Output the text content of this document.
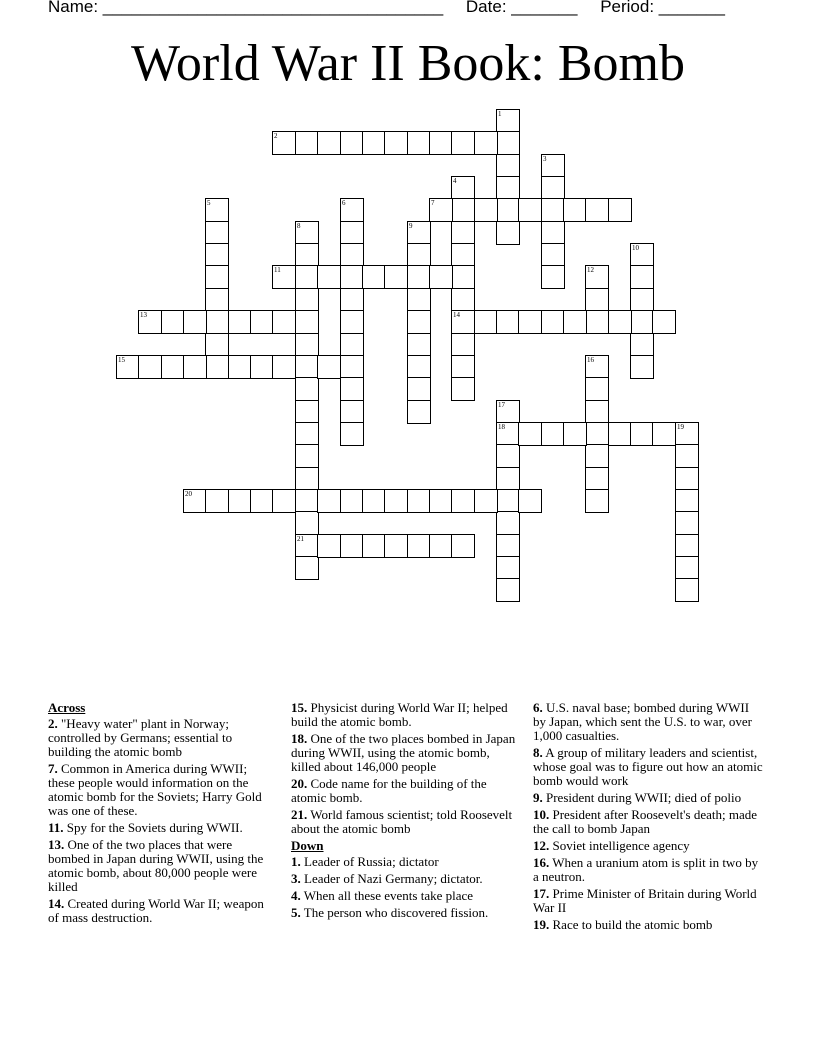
Name: ____________________________________ Date: _______ Period: _______
World War II Book: Bomb
1
2
3
4
14
5	6	7
8
21
9
10
11	12
13
15	16
17
18	19
20
Across
2. "Heavy water" plant in Norway; controlled by Germans; essential to building the atomic bomb
7. Common in America during WWII; these people would information on the atomic bomb for the Soviets; Harry Gold was one of these.
11. Spy for the Soviets during WWII.
13. One of the two places that were bombed in Japan during WWII, using the atomic bomb, about 80,000 people were killed
14. Created during World War II; weapon of mass destruction.
15. Physicist during World War II; helped build the atomic bomb.
18. One of the two places bombed in Japan during WWII, using the atomic bomb, killed about 146,000 people
20. Code name for the building of the atomic bomb.
21. World famous scientist; told Roosevelt about the atomic bomb
Down
1. Leader of Russia; dictator
3. Leader of Nazi Germany; dictator.
4. When all these events take place
5. The person who discovered fission.
6. U.S. naval base; bombed during WWII by Japan, which sent the U.S. to war, over 1,000 casualties.
8. A group of military leaders and scientist, whose goal was to figure out how an atomic bomb would work
9. President during WWII; died of polio
10. President after Roosevelt's death; made the call to bomb Japan
12. Soviet intelligence agency
16. When a uranium atom is split in two by a neutron.
17. Prime Minister of Britain during World War II
19. Race to build the atomic bomb
